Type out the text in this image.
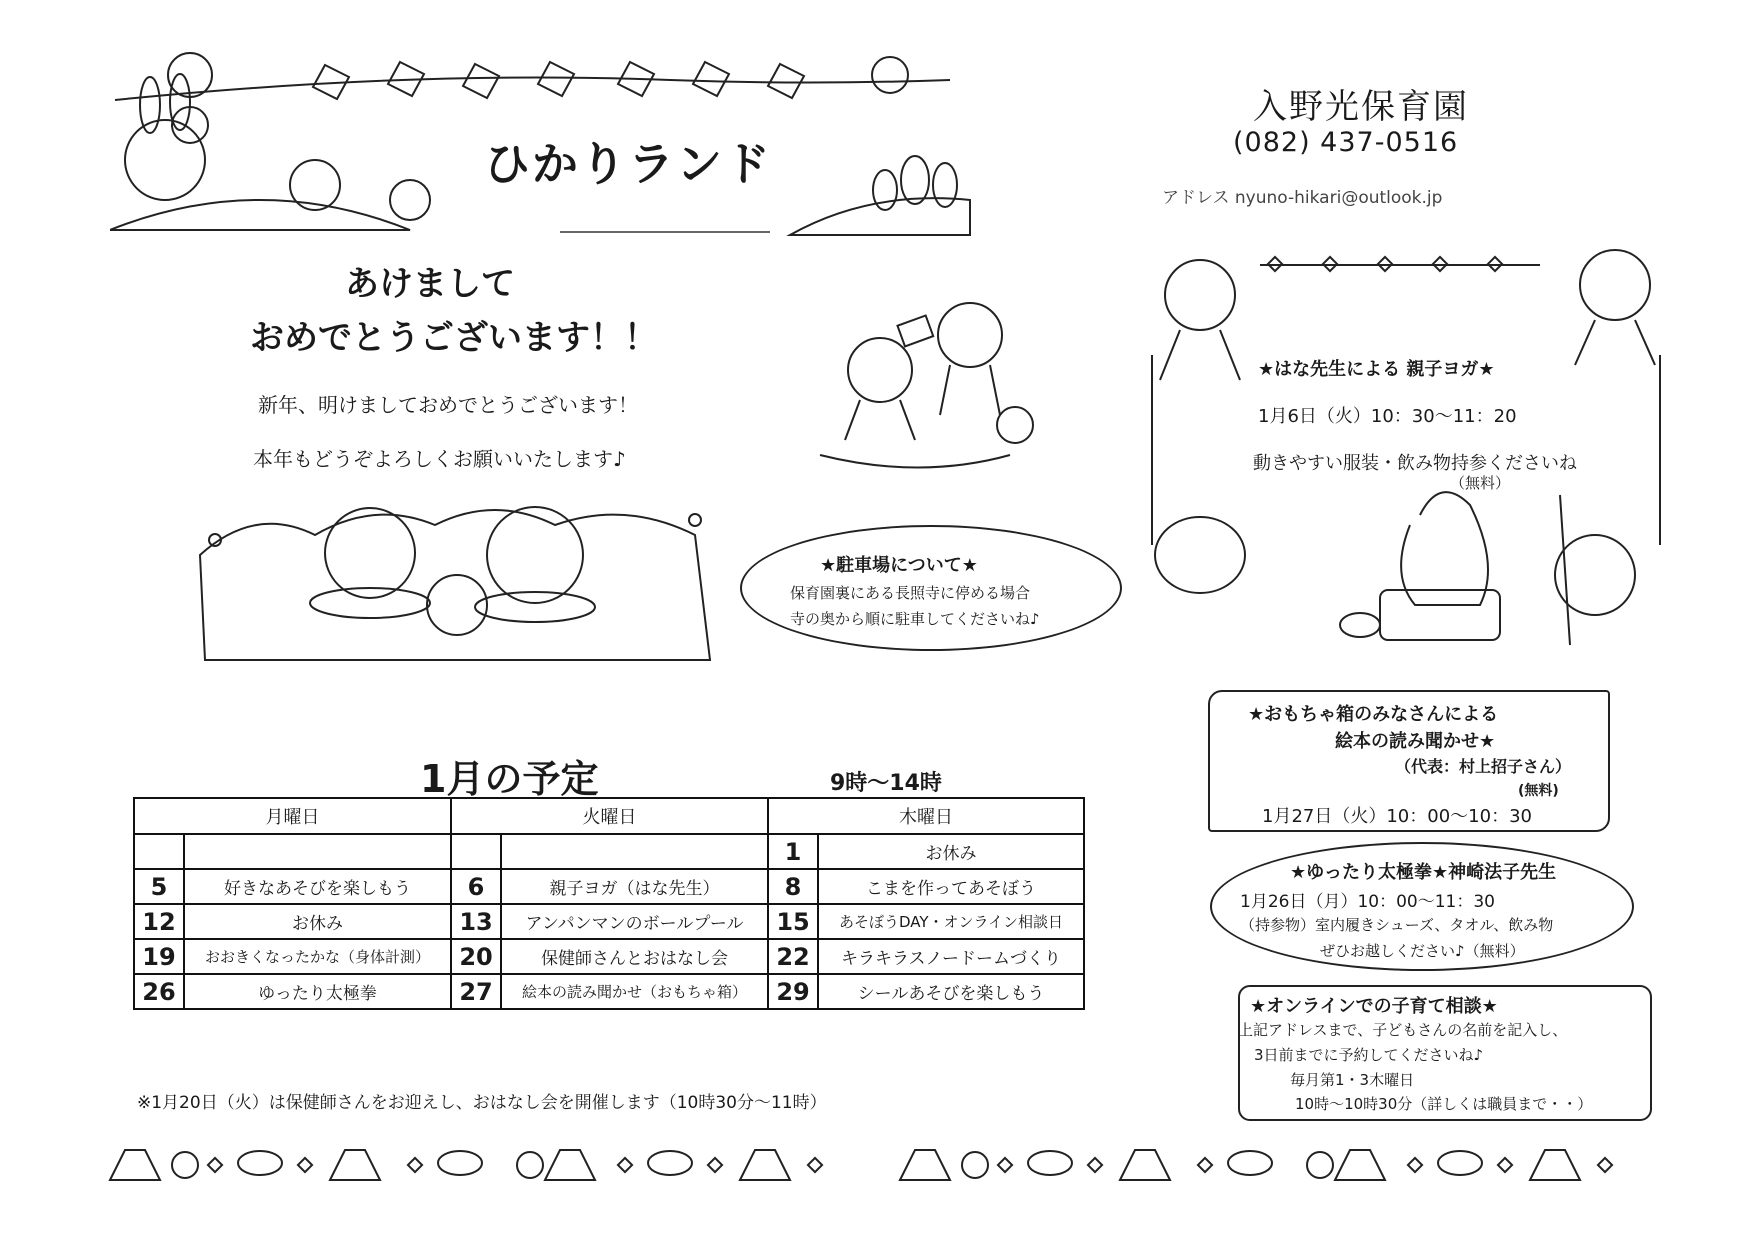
ひかりランド
入野光保育園
(082) 437-0516
アドレス nyuno-hikari@outlook.jp
あけまして
おめでとうございます！！
新年、明けましておめでとうございます！
本年もどうぞよろしくお願いいたします♪
★駐車場について★
保育園裏にある長照寺に停める場合
寺の奥から順に駐車してくださいね♪
★はな先生による 親子ヨガ★
1月6日（火）10：30～11：20
動きやすい服装・飲み物持参くださいね
（無料）
★おもちゃ箱のみなさんによる
絵本の読み聞かせ★
（代表：村上招子さん）
(無料)
1月27日（火）10：00～10：30
★ゆったり太極拳★神崎法子先生
1月26日（月）10：00～11：30
（持参物）室内履きシューズ、タオル、飲み物
ぜひお越しください♪（無料）
★オンラインでの子育て相談★
上記アドレスまで、子どもさんの名前を記入し、
3日前までに予約してくださいね♪
毎月第1・3木曜日
10時～10時30分（詳しくは職員まで・・）
1月の予定	9時～14時
月曜日		火曜日		木曜日	
				1	お休み
5	好きなあそびを楽しもう	6	親子ヨガ（はな先生）	8	こまを作ってあそぼう
12	お休み	13	アンパンマンのボールプール	15	あそぼうDAY・オンライン相談日
19	おおきくなったかな（身体計測）	20	保健師さんとおはなし会	22	キラキラスノードームづくり
26	ゆったり太極拳	27	絵本の読み聞かせ（おもちゃ箱）	29	シールあそびを楽しもう
※1月20日（火）は保健師さんをお迎えし、おはなし会を開催します（10時30分～11時）
